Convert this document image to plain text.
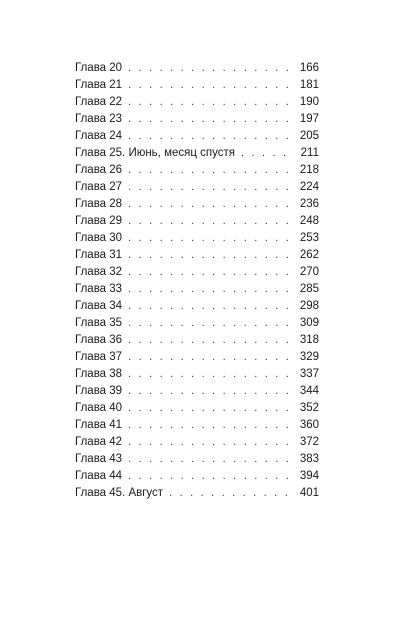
Глава 20 . . .	166
Глава 21 . . .	181
Глава 22 . . .	190
Глава 23 . . .	197
Глава 24 . . .	205
Глава 25. Июнь, месяц спустя . . .	211
Глава 26 . . .	218
Глава 27 . . .	224
Глава 28 . . .	236
Глава 29 . . .	248
Глава 30 . . .	253
Глава 31 . . .	262
Глава 32 . . .	270
Глава 33 . . .	285
Глава 34 . . .	298
Глава 35 . . .	309
Глава 36 . . .	318
Глава 37 . . .	329
Глава 38 . . .	337
Глава 39 . . .	344
Глава 40 . . .	352
Глава 41 . . .	360
Глава 42 . . .	372
Глава 43 . . .	383
Глава 44 . . .	394
Глава 45. Август . . .	401
